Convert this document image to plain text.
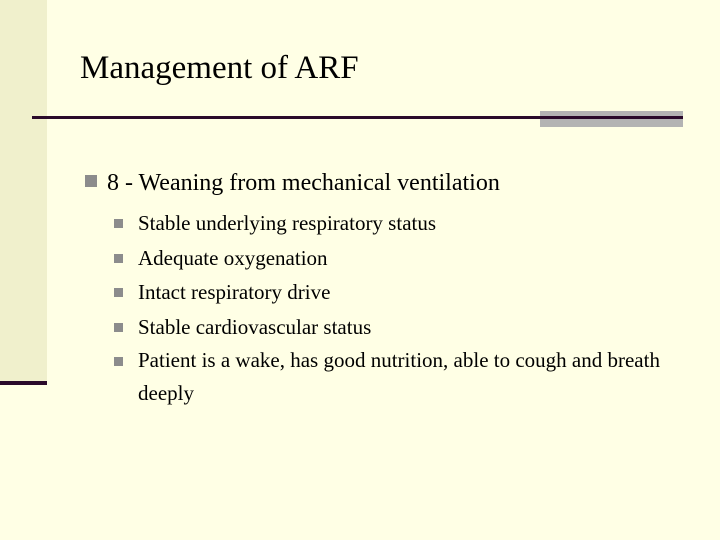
Management of ARF
8 - Weaning from mechanical ventilation
Stable underlying respiratory status
Adequate oxygenation
Intact respiratory drive
Stable cardiovascular status
Patient is a wake, has good nutrition, able to cough and breath deeply
